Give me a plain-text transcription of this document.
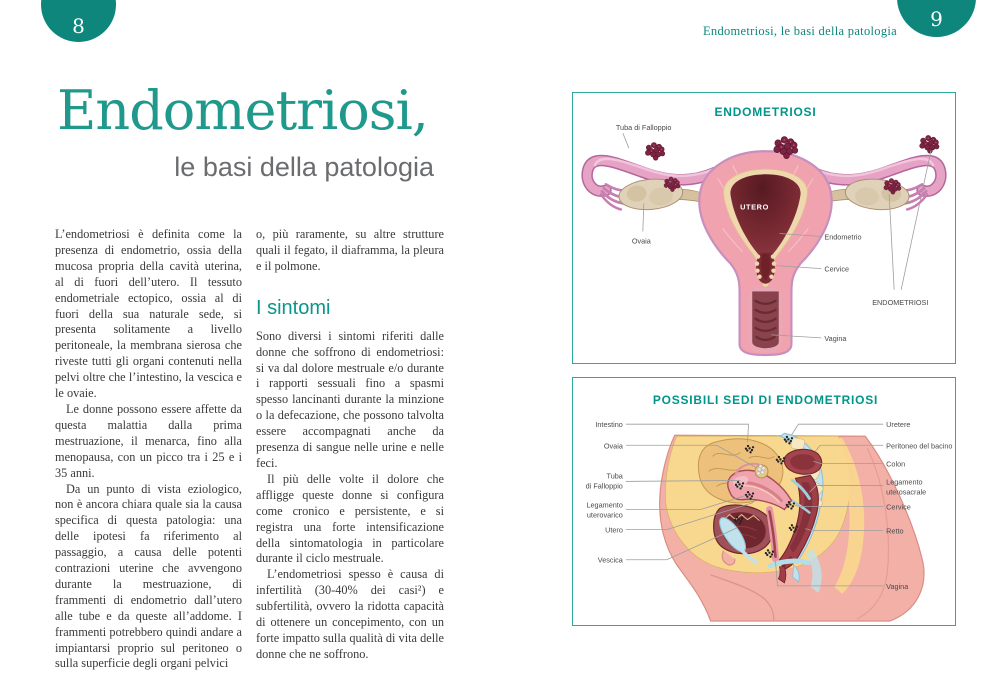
8
Endometriosi,
le basi della patologia

L’endometriosi è definita come la presenza di endometrio, ossia della mucosa propria della cavità uterina, al di fuori dell’utero. Il tessuto endometriale ectopico, ossia al di fuori della sua naturale sede, si presenta solitamente a livello peritoneale, la membrana sierosa che riveste tutti gli organi contenuti nella pelvi oltre che l’intestino, la vescica e le ovaie.

Le donne possono essere affette da questa malattia dalla prima mestruazione, il menarca, fino alla menopausa, con un picco tra i 25 e i 35 anni.

Da un punto di vista eziologico, non è ancora chiara quale sia la causa specifica di questa patologia: una delle ipotesi fa riferimento al passaggio, a causa delle potenti contrazioni uterine che avvengono durante la mestruazione, di frammenti di endometrio dall’utero alle tube e da queste all’addome. I frammenti potrebbero quindi andare a impiantarsi proprio sul peritoneo o sulla superficie degli organi pelvici

o, più raramente, su altre strutture quali il fegato, il diaframma, la pleura e il polmone.

I sintomi

Sono diversi i sintomi riferiti dalle donne che soffrono di endometriosi: si va dal dolore mestruale e/o durante i rapporti sessuali fino a spasmi spesso lancinanti durante la minzione o la defecazione, che possono talvolta essere accompagnati anche da presenza di sangue nelle urine e nelle feci.

Il più delle volte il dolore che affligge queste donne si configura come cronico e persistente, e si registra una forte intensificazione della sintomatologia in particolare durante il ciclo mestruale.

L’endometriosi spesso è causa di infertilità (30-40% dei casi²) e subfertilità, ovvero la ridotta capacità di ottenere un concepimento, con un forte impatto sulla qualità di vita delle donne che ne soffrono.

Endometriosi, le basi della patologia	9
ENDOMETRIOSI
UTERO
Tuba di Falloppio
Ovaia	Endometrio
Cervice
ENDOMETRIOSI
Vagina
POSSIBILI SEDI DI ENDOMETRIOSI
Intestino
Ovaia
Tuba
di Falloppio
Legamento
uterovarico
Utero
Vescica
Uretere
Peritoneo del bacino
Colon
Legamento
uterosacrale
Cervice
Retto
Vagina
